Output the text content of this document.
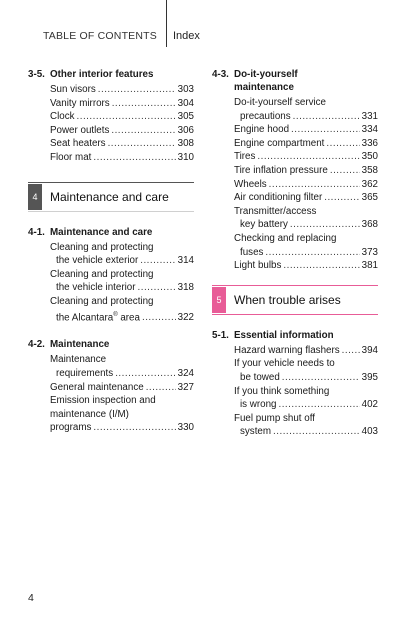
TABLE OF CONTENTS Index
3-5. Other interior features
Sun visors .....	303
Vanity mirrors .....	304
Clock .....	305
Power outlets .....	306
Seat heaters .....	308
Floor mat .....	310
4	Maintenance and care
4-1. Maintenance and care
Cleaning and protecting
the vehicle exterior .....	314
Cleaning and protecting
the vehicle interior .....	318
Cleaning and protecting
the Alcantara® area .....	322
4-2. Maintenance
Maintenance
requirements .....	324
General maintenance .....	327
Emission inspection and
maintenance (I/M)
programs .....	330
4-3. Do-it-yourself
maintenance
Do-it-yourself service
precautions .....	331
Engine hood .....	334
Engine compartment .....	336
Tires .....	350
Tire inflation pressure .....	358
Wheels .....	362
Air conditioning filter .....	365
Transmitter/access
key battery .....	368
Checking and replacing
fuses .....	373
Light bulbs .....	381
5	When trouble arises
5-1. Essential information
Hazard warning flashers ..... 394
If your vehicle needs to
be towed .....	395
If you think something
is wrong .....	402
Fuel pump shut off
system .....	403
4
